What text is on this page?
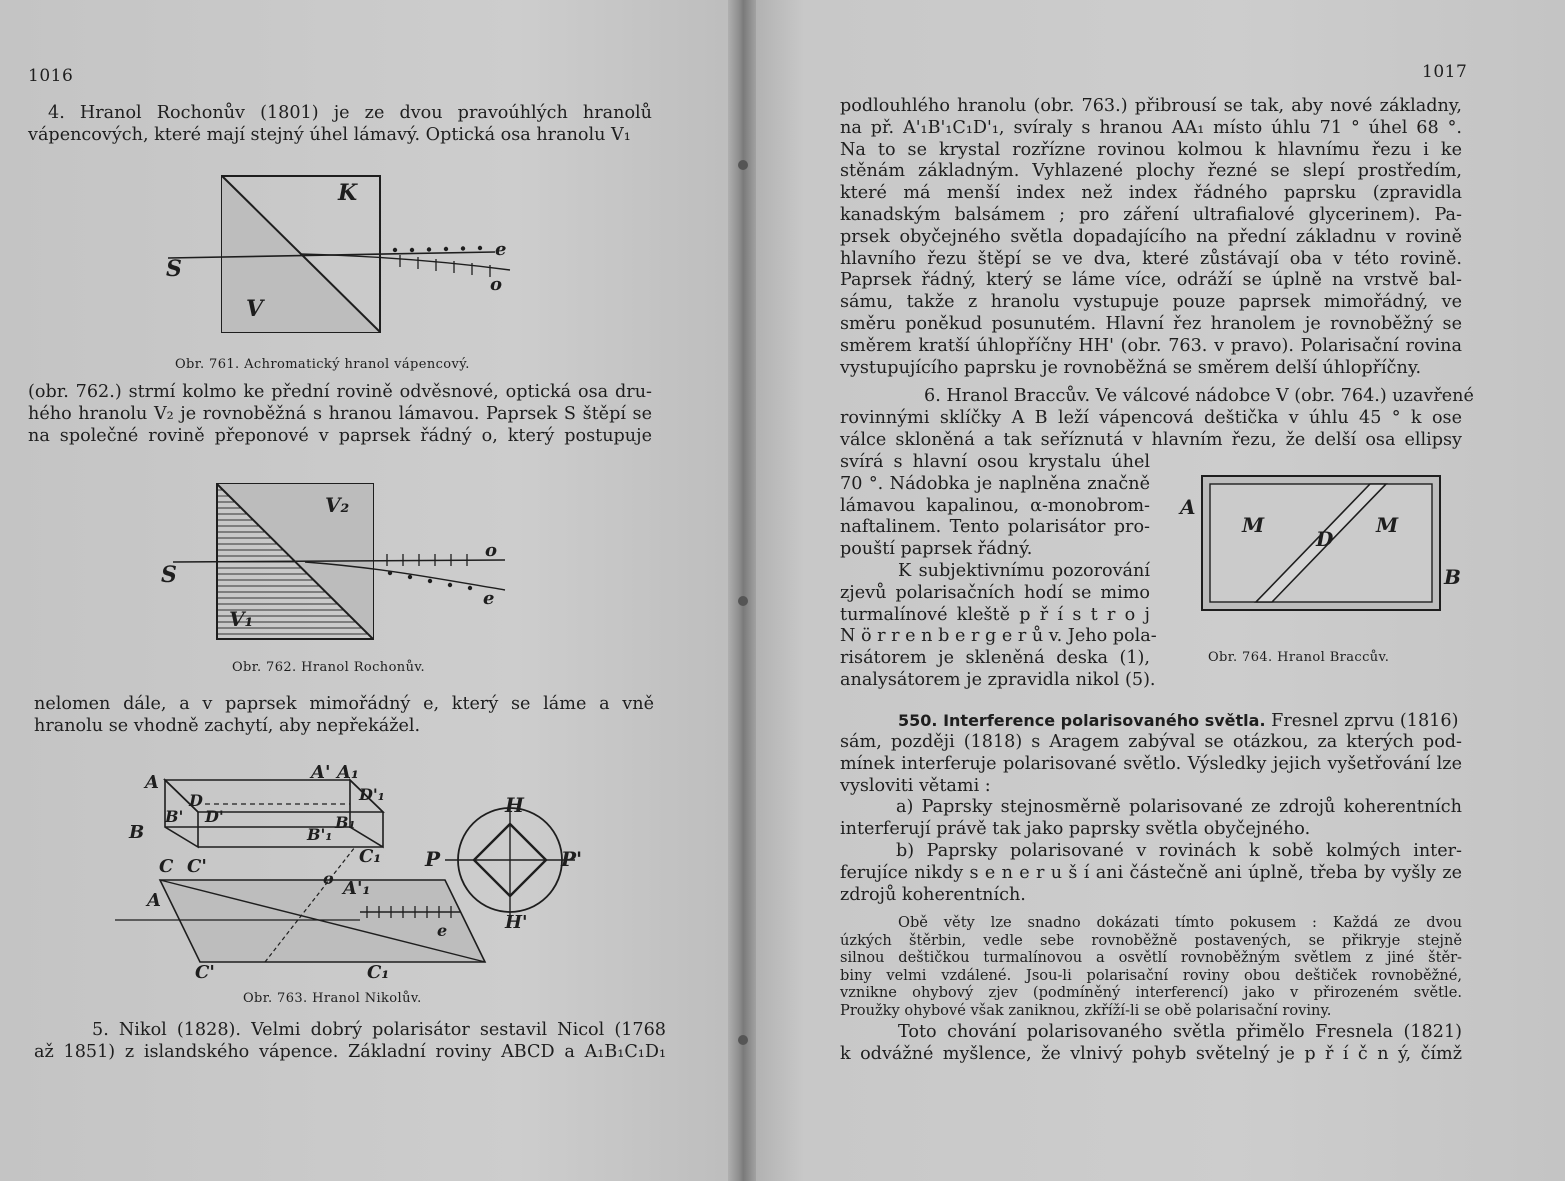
1016

4. Hranol Rochonův (1801) je ze dvou pravoúhlých hranolů
vápencových, které mají stejný úhel lámavý. Optická osa hranolu V₁

K
S
V
e
o
Obr. 761. Achromatický hranol vápencový.

(obr. 762.) strmí kolmo ke přední rovině odvěsnové, optická osa dru-
hého hranolu V₂ je rovnoběžná s hranou lámavou. Paprsek S štěpí se
na společné rovině přeponové v paprsek řádný o, který postupuje

V₂
V₁
S
o
e
Obr. 762. Hranol Rochonův.

nelomen dále, a v paprsek mimořádný e, který se láme a vně
hranolu se vhodně zachytí, aby nepřekážel.

A	A' A₁
D'₁
B
B'
D
D'
B'₁
B₁
C C'	C₁
o
A
A'₁
e
C'	C₁
H
H'
P	P'
Obr. 763. Hranol Nikolův.

5. Nikol (1828). Velmi dobrý polarisátor sestavil Nicol (1768
až 1851) z islandského vápence. Základní roviny ABCD a A₁B₁C₁D₁

1017

podlouhlého hranolu (obr. 763.) přibrousí se tak, aby nové základny,
na př. A'₁B'₁C₁D'₁, svíraly s hranou AA₁ místo úhlu 71 ° úhel 68 °.
Na to se krystal rozřízne rovinou kolmou k hlavnímu řezu i ke
stěnám základným. Vyhlazené plochy řezné se slepí prostředím,
které má menší index než index řádného paprsku (zpravidla
kanadským balsámem ; pro záření ultrafialové glycerinem). Pa-
prsek obyčejného světla dopadajícího na přední základnu v rovině
hlavního řezu štěpí se ve dva, které zůstávají oba v této rovině.
Paprsek řádný, který se láme více, odráží se úplně na vrstvě bal-
sámu, takže z hranolu vystupuje pouze paprsek mimořádný, ve
směru poněkud posunutém. Hlavní řez hranolem je rovnoběžný se
směrem kratší úhlopříčny HH' (obr. 763. v pravo). Polarisační rovina
vystupujícího paprsku je rovnoběžná se směrem delší úhlopříčny.

6. Hranol Braccův. Ve válcové nádobce V (obr. 764.) uzavřené
rovinnými sklíčky A B leží vápencová deštička v úhlu 45 ° k ose
válce skloněná a tak seříznutá v hlavním řezu, že delší osa ellipsy

svírá s hlavní osou krystalu úhel
70 °. Nádobka je naplněna značně
lámavou kapalinou, α-monobrom-
naftalinem. Tento polarisátor pro-
pouští paprsek řádný.
K subjektivnímu pozorování
zjevů polarisačních hodí se mimo
turmalínové kleště p ř í s t r o j
N ö r r e n b e r g e r ů v. Jeho pola-
risátorem je skleněná deska (1),
analysátorem je zpravidla nikol (5).

A
B
M	M
D
Obr. 764. Hranol Braccův.
550. Interference polarisovaného světla. Fresnel zprvu (1816)

sám, později (1818) s Aragem zabýval se otázkou, za kterých pod-
mínek interferuje polarisované světlo. Výsledky jejich vyšetřování lze
vysloviti větami :
a) Paprsky stejnosměrně polarisované ze zdrojů koherentních
interferují právě tak jako paprsky světla obyčejného.
b) Paprsky polarisované v rovinách k sobě kolmých inter-
ferujíce nikdy s e n e r u š í ani částečně ani úplně, třeba by vyšly ze
zdrojů koherentních.

Obě věty lze snadno dokázati tímto pokusem : Každá ze dvou
úzkých štěrbin, vedle sebe rovnoběžně postavených, se přikryje stejně
silnou deštičkou turmalínovou a osvětlí rovnoběžným světlem z jiné štěr-
biny velmi vzdálené. Jsou-li polarisační roviny obou deštiček rovnoběžné,
vznikne ohybový zjev (podmíněný interferencí) jako v přirozeném světle.
Proužky ohybové však zaniknou, zkříží-li se obě polarisační roviny.

Toto chování polarisovaného světla přimělo Fresnela (1821)
k odvážné myšlence, že vlnivý pohyb světelný je p ř í č n ý, čímž
